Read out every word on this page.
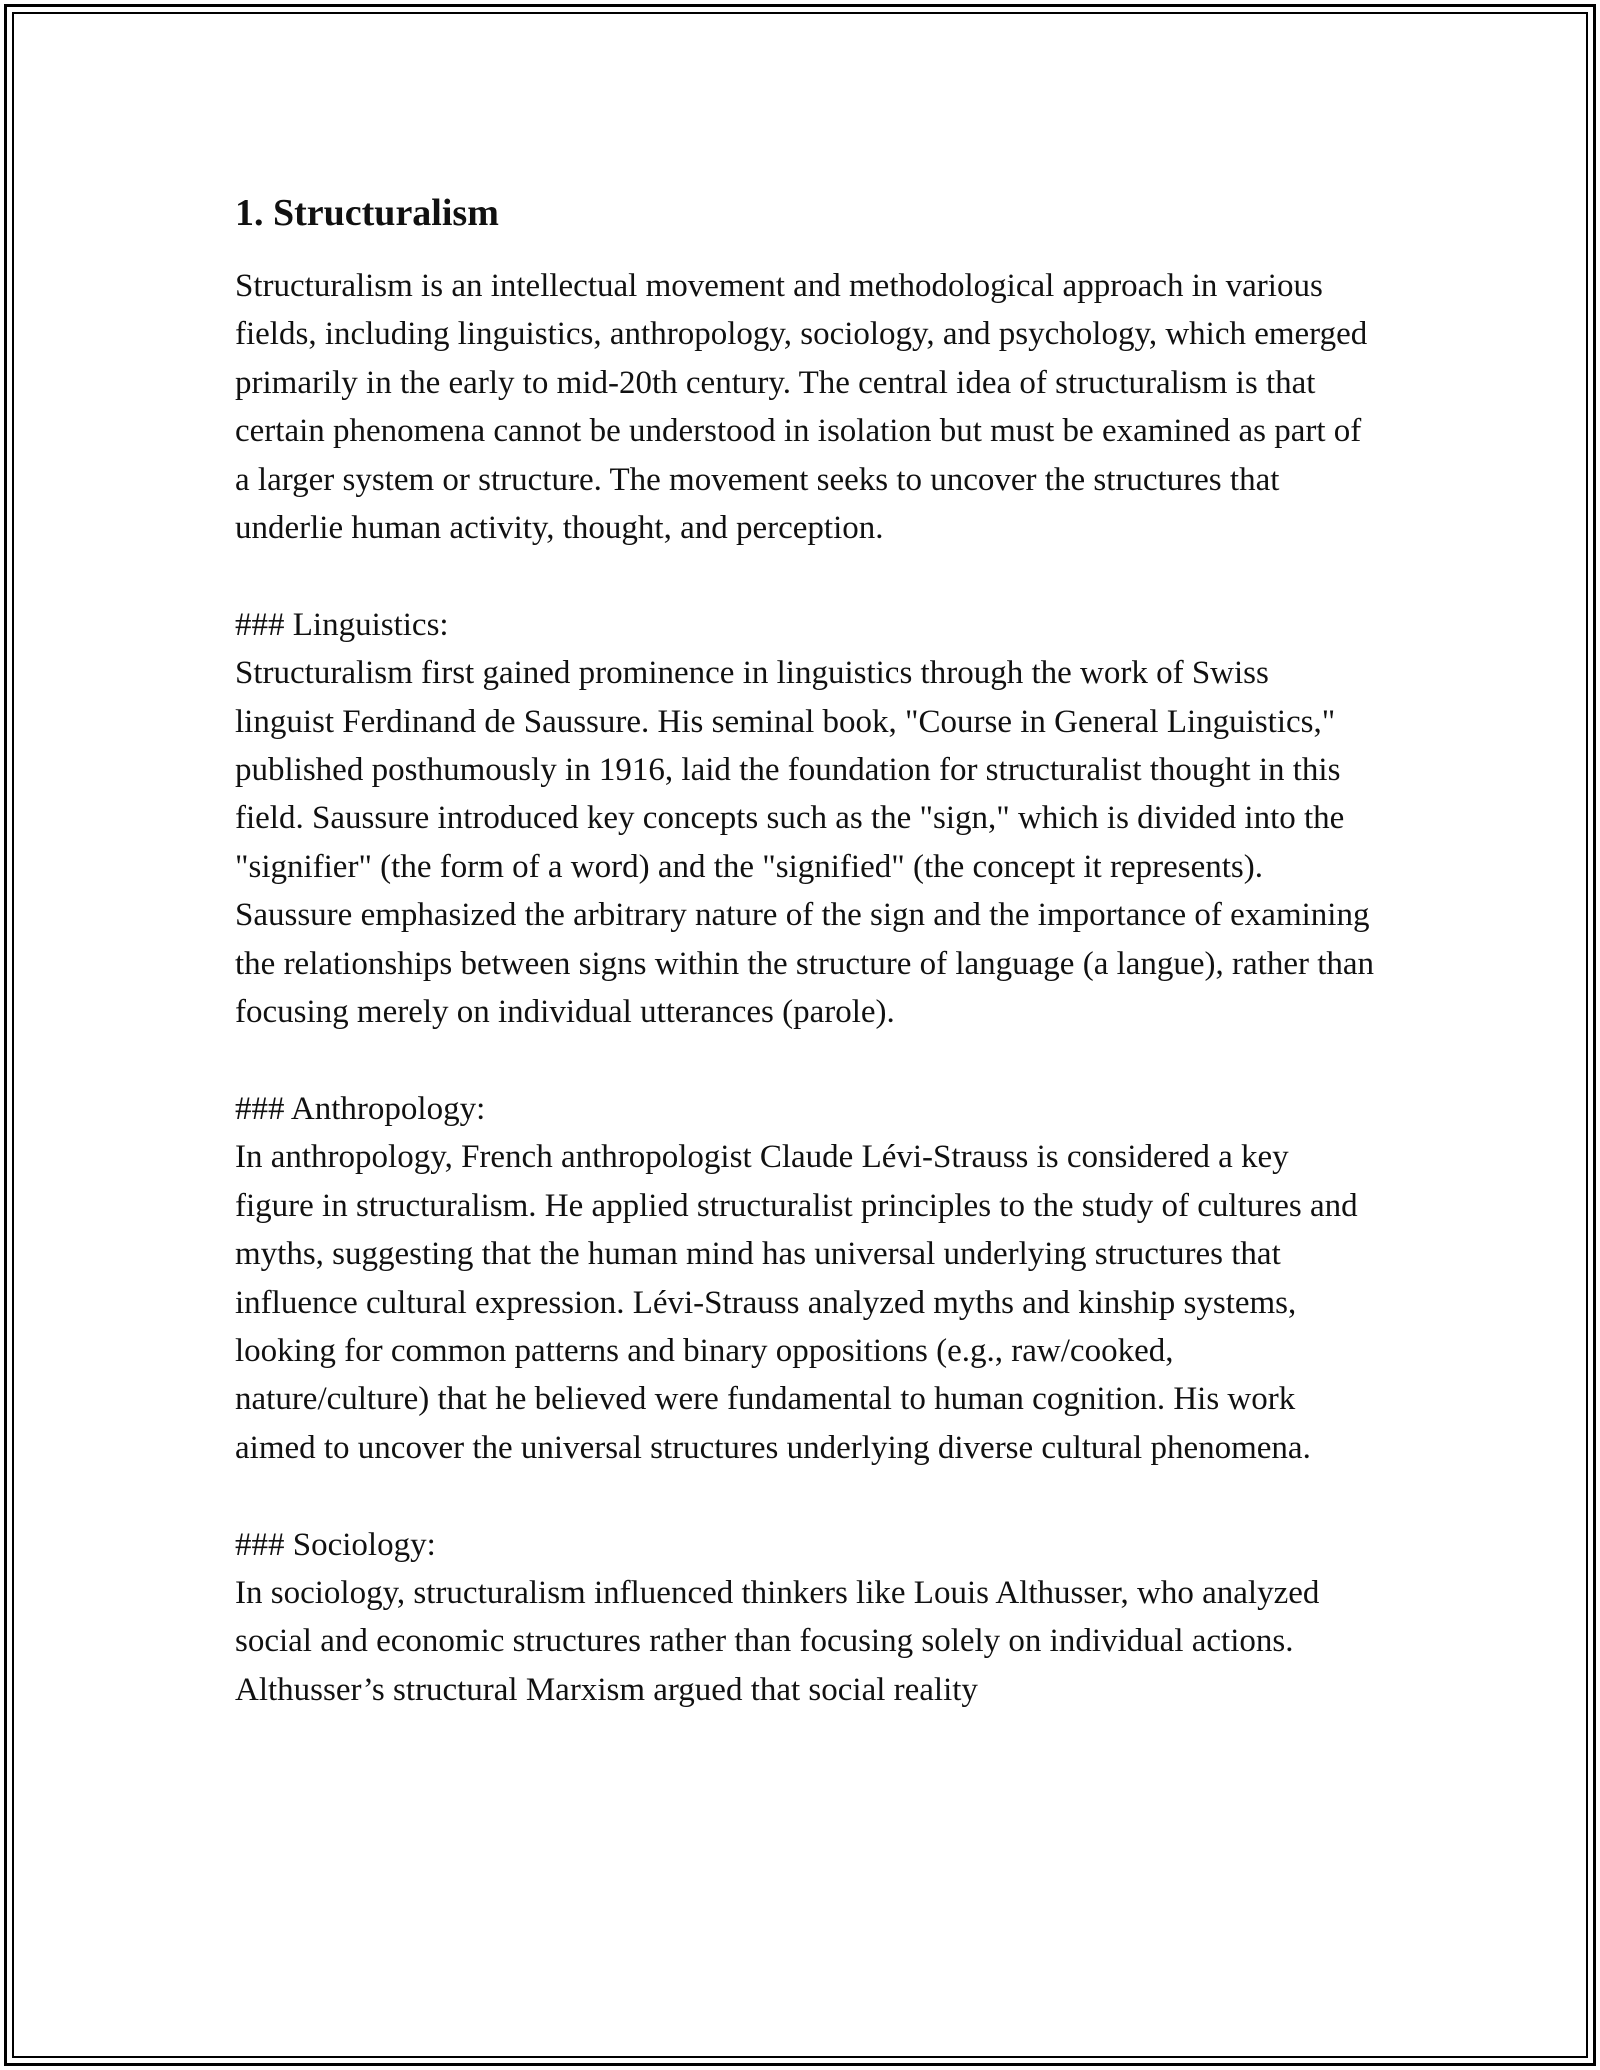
1. Structuralism

Structuralism is an intellectual movement and methodological approach in various fields, including linguistics, anthropology, sociology, and psychology, which emerged primarily in the early to mid-20th century. The central idea of structuralism is that certain phenomena cannot be understood in isolation but must be examined as part of a larger system or structure. The movement seeks to uncover the structures that underlie human activity, thought, and perception.

### Linguistics:

Structuralism first gained prominence in linguistics through the work of Swiss linguist Ferdinand de Saussure. His seminal book, "Course in General Linguistics," published posthumously in 1916, laid the foundation for structuralist thought in this field. Saussure introduced key concepts such as the "sign," which is divided into the "signifier" (the form of a word) and the "signified" (the concept it represents). Saussure emphasized the arbitrary nature of the sign and the importance of examining the relationships between signs within the structure of language (a langue), rather than focusing merely on individual utterances (parole).

### Anthropology:

In anthropology, French anthropologist Claude Lévi-Strauss is considered a key figure in structuralism. He applied structuralist principles to the study of cultures and myths, suggesting that the human mind has universal underlying structures that influence cultural expression. Lévi-Strauss analyzed myths and kinship systems, looking for common patterns and binary oppositions (e.g., raw/cooked, nature/culture) that he believed were fundamental to human cognition. His work aimed to uncover the universal structures underlying diverse cultural phenomena.

### Sociology:

In sociology, structuralism influenced thinkers like Louis Althusser, who analyzed social and economic structures rather than focusing solely on individual actions. Althusser’s structural Marxism argued that social reality
